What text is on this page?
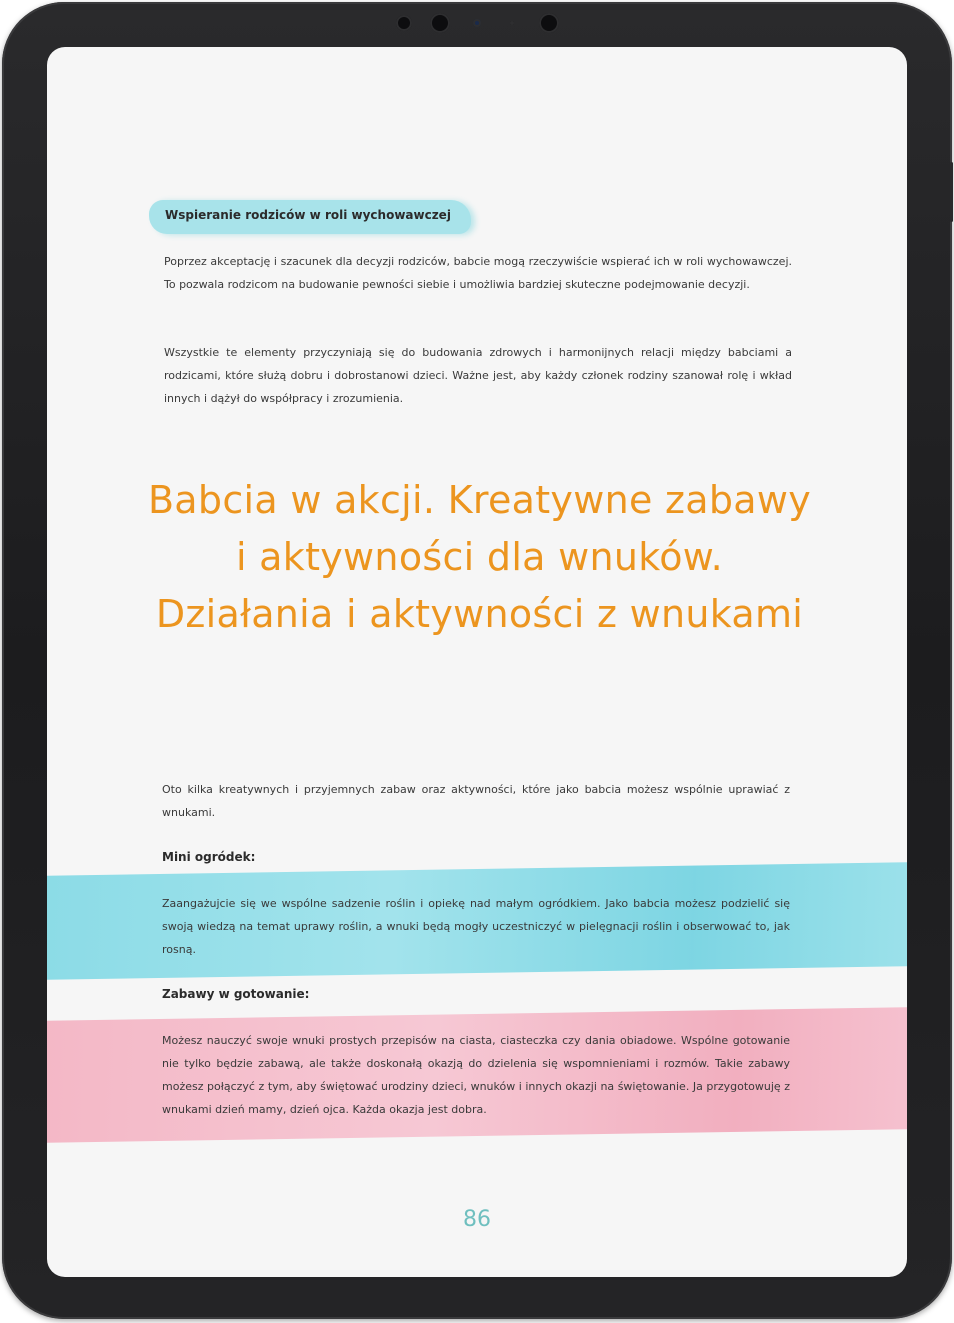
Wspieranie rodziców w roli wychowawczej
Poprzez akceptację i szacunek dla decyzji rodziców, babcie mogą rzeczywiście wspierać ich w roli wychowawczej. To pozwala rodzicom na budowanie pewności siebie i umożliwia bardziej skuteczne podejmowanie decyzji.
Wszystkie te elementy przyczyniają się do budowania zdrowych i harmonijnych relacji między babciami a rodzicami, które służą dobru i dobrostanowi dzieci. Ważne jest, aby każdy członek rodziny szanował rolę i wkład innych i dążył do współpracy i zrozumienia.
Babcia w akcji. Kreatywne zabawy i aktywności dla wnuków. Działania i aktywności z wnukami
Oto kilka kreatywnych i przyjemnych zabaw oraz aktywności, które jako babcia możesz wspólnie uprawiać z wnukami.
Mini ogródek:
Zaangażujcie się we wspólne sadzenie roślin i opiekę nad małym ogródkiem. Jako babcia możesz podzielić się swoją wiedzą na temat uprawy roślin, a wnuki będą mogły uczestniczyć w pielęgnacji roślin i obserwować to, jak rosną.
Zabawy w gotowanie:
Możesz nauczyć swoje wnuki prostych przepisów na ciasta, ciasteczka czy dania obiadowe. Wspólne gotowanie nie tylko będzie zabawą, ale także doskonałą okazją do dzielenia się wspomnieniami i rozmów. Takie zabawy możesz połączyć z tym, aby świętować urodziny dzieci, wnuków i innych okazji na świętowanie. Ja przygotowuję z wnukami dzień mamy, dzień ojca. Każda okazja jest dobra.
86
